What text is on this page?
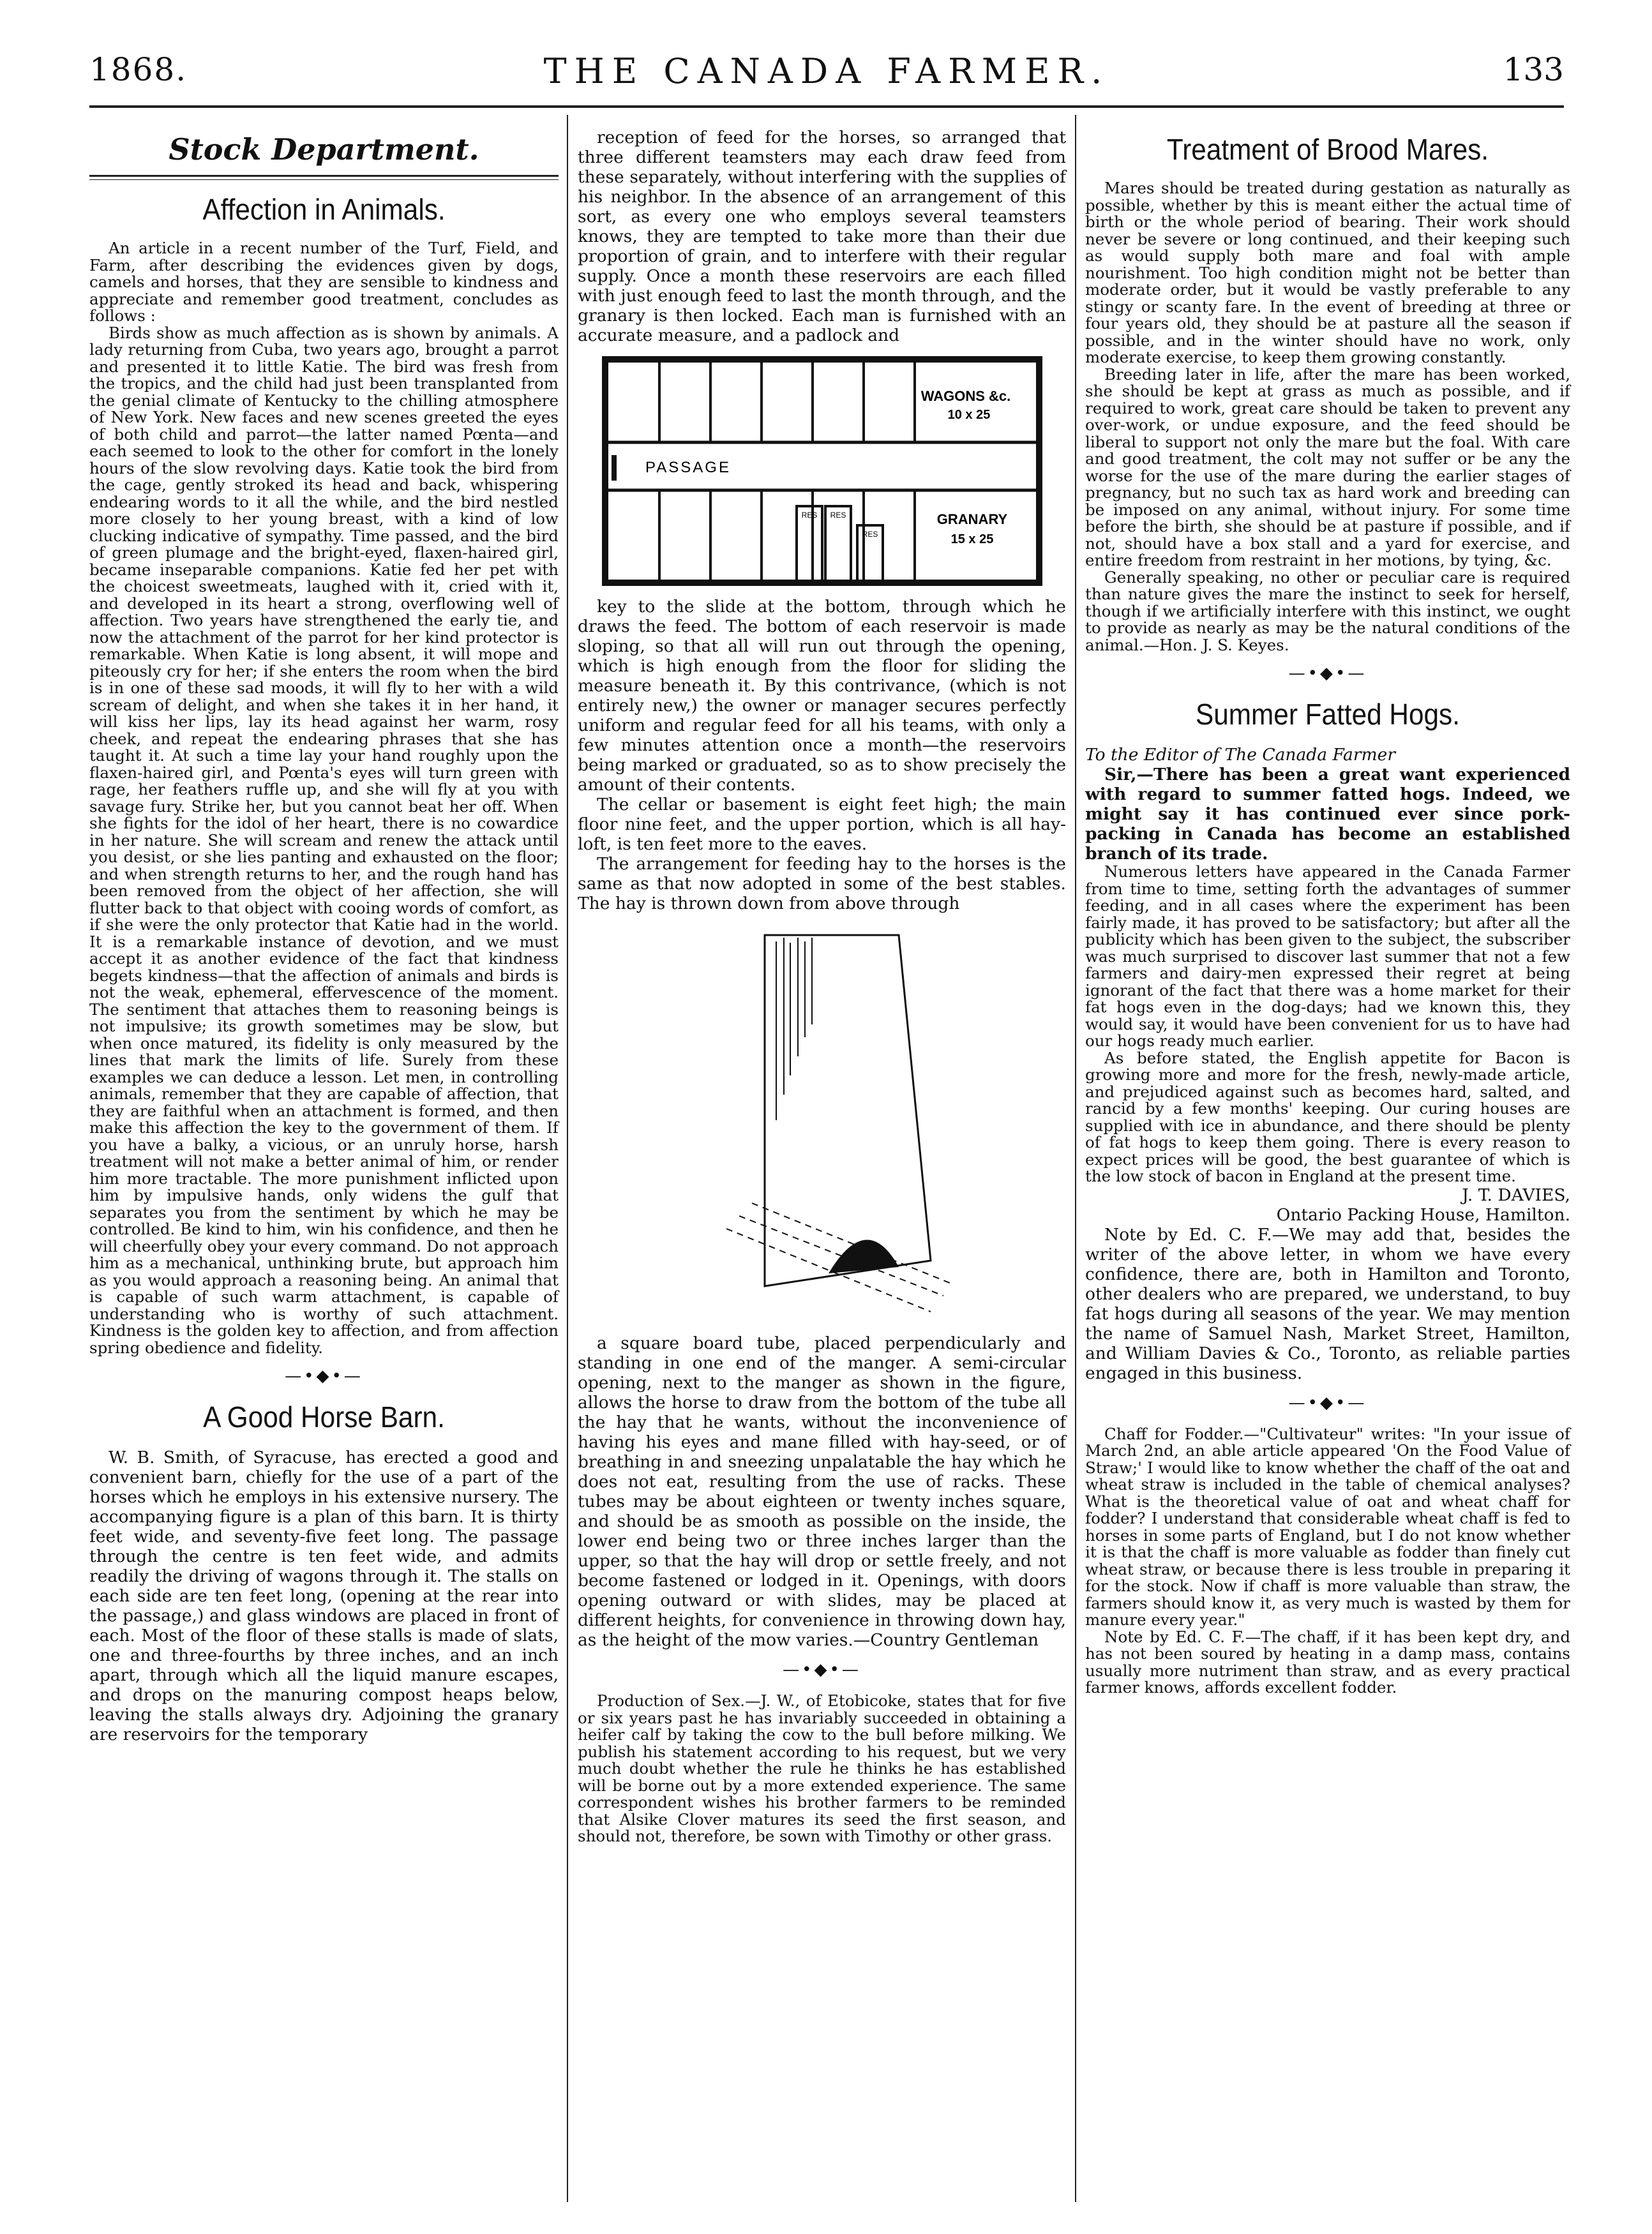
1868.	THE CANADA FARMER.	133
Stock Department.
Affection in Animals.

An article in a recent number of the Turf, Field, and Farm, after describing the evidences given by dogs, camels and horses, that they are sensible to kindness and appreciate and remember good treatment, concludes as follows :

Birds show as much affection as is shown by animals. A lady returning from Cuba, two years ago, brought a parrot and presented it to little Katie. The bird was fresh from the tropics, and the child had just been transplanted from the genial climate of Kentucky to the chilling atmosphere of New York. New faces and new scenes greeted the eyes of both child and parrot—the latter named Pœnta—and each seemed to look to the other for comfort in the lonely hours of the slow revolving days. Katie took the bird from the cage, gently stroked its head and back, whispering endearing words to it all the while, and the bird nestled more closely to her young breast, with a kind of low clucking indicative of sympathy. Time passed, and the bird of green plumage and the bright-eyed, flaxen-haired girl, became inseparable companions. Katie fed her pet with the choicest sweetmeats, laughed with it, cried with it, and developed in its heart a strong, overflowing well of affection. Two years have strengthened the early tie, and now the attachment of the parrot for her kind protector is remarkable. When Katie is long absent, it will mope and piteously cry for her; if she enters the room when the bird is in one of these sad moods, it will fly to her with a wild scream of delight, and when she takes it in her hand, it will kiss her lips, lay its head against her warm, rosy cheek, and repeat the endearing phrases that she has taught it. At such a time lay your hand roughly upon the flaxen-haired girl, and Pœnta's eyes will turn green with rage, her feathers ruffle up, and she will fly at you with savage fury. Strike her, but you cannot beat her off. When she fights for the idol of her heart, there is no cowardice in her nature. She will scream and renew the attack until you desist, or she lies panting and exhausted on the floor; and when strength returns to her, and the rough hand has been removed from the object of her affection, she will flutter back to that object with cooing words of comfort, as if she were the only protector that Katie had in the world. It is a remarkable instance of devotion, and we must accept it as another evidence of the fact that kindness begets kindness—that the affection of animals and birds is not the weak, ephemeral, effervescence of the moment. The sentiment that attaches them to reasoning beings is not impulsive; its growth sometimes may be slow, but when once matured, its fidelity is only measured by the lines that mark the limits of life. Surely from these examples we can deduce a lesson. Let men, in controlling animals, remember that they are capable of affection, that they are faithful when an attachment is formed, and then make this affection the key to the government of them. If you have a balky, a vicious, or an unruly horse, harsh treatment will not make a better animal of him, or render him more tractable. The more punishment inflicted upon him by impulsive hands, only widens the gulf that separates you from the sentiment by which he may be controlled. Be kind to him, win his confidence, and then he will cheerfully obey your every command. Do not approach him as a mechanical, unthinking brute, but approach him as you would approach a reasoning being. An animal that is capable of such warm attachment, is capable of understanding who is worthy of such attachment. Kindness is the golden key to affection, and from affection spring obedience and fidelity.

—•◆•—
A Good Horse Barn.

W. B. Smith, of Syracuse, has erected a good and convenient barn, chiefly for the use of a part of the horses which he employs in his extensive nursery. The accompanying figure is a plan of this barn. It is thirty feet wide, and seventy-five feet long. The passage through the centre is ten feet wide, and admits readily the driving of wagons through it. The stalls on each side are ten feet long, (opening at the rear into the passage,) and glass windows are placed in front of each. Most of the floor of these stalls is made of slats, one and three-fourths by three inches, and an inch apart, through which all the liquid manure escapes, and drops on the manuring compost heaps below, leaving the stalls always dry. Adjoining the granary are reservoirs for the temporary

reception of feed for the horses, so arranged that three different teamsters may each draw feed from these separately, without interfering with the supplies of his neighbor. In the absence of an arrangement of this sort, as every one who employs several teamsters knows, they are tempted to take more than their due proportion of grain, and to interfere with their regular supply. Once a month these reservoirs are each filled with just enough feed to last the month through, and the granary is then locked. Each man is furnished with an accurate measure, and a padlock and

WAGONS &c.
10 x 25
PASSAGE
GRANARY
15 x 25
RES RES
RES

key to the slide at the bottom, through which he draws the feed. The bottom of each reservoir is made sloping, so that all will run out through the opening, which is high enough from the floor for sliding the measure beneath it. By this contrivance, (which is not entirely new,) the owner or manager secures perfectly uniform and regular feed for all his teams, with only a few minutes attention once a month—the reservoirs being marked or graduated, so as to show precisely the amount of their contents.

The cellar or basement is eight feet high; the main floor nine feet, and the upper portion, which is all hay-loft, is ten feet more to the eaves.

The arrangement for feeding hay to the horses is the same as that now adopted in some of the best stables. The hay is thrown down from above through

a square board tube, placed perpendicularly and standing in one end of the manger. A semi-circular opening, next to the manger as shown in the figure, allows the horse to draw from the bottom of the tube all the hay that he wants, without the inconvenience of having his eyes and mane filled with hay-seed, or of breathing in and sneezing unpalatable the hay which he does not eat, resulting from the use of racks. These tubes may be about eighteen or twenty inches square, and should be as smooth as possible on the inside, the lower end being two or three inches larger than the upper, so that the hay will drop or settle freely, and not become fastened or lodged in it. Openings, with doors opening outward or with slides, may be placed at different heights, for convenience in throwing down hay, as the height of the mow varies.—Country Gentleman

—•◆•—

Production of Sex.—J. W., of Etobicoke, states that for five or six years past he has invariably succeeded in obtaining a heifer calf by taking the cow to the bull before milking. We publish his statement according to his request, but we very much doubt whether the rule he thinks he has established will be borne out by a more extended experience. The same correspondent wishes his brother farmers to be reminded that Alsike Clover matures its seed the first season, and should not, therefore, be sown with Timothy or other grass.

Treatment of Brood Mares.

Mares should be treated during gestation as naturally as possible, whether by this is meant either the actual time of birth or the whole period of bearing. Their work should never be severe or long continued, and their keeping such as would supply both mare and foal with ample nourishment. Too high condition might not be better than moderate order, but it would be vastly preferable to any stingy or scanty fare. In the event of breeding at three or four years old, they should be at pasture all the season if possible, and in the winter should have no work, only moderate exercise, to keep them growing constantly.

Breeding later in life, after the mare has been worked, she should be kept at grass as much as possible, and if required to work, great care should be taken to prevent any over-work, or undue exposure, and the feed should be liberal to support not only the mare but the foal. With care and good treatment, the colt may not suffer or be any the worse for the use of the mare during the earlier stages of pregnancy, but no such tax as hard work and breeding can be imposed on any animal, without injury. For some time before the birth, she should be at pasture if possible, and if not, should have a box stall and a yard for exercise, and entire freedom from restraint in her motions, by tying, &c.

Generally speaking, no other or peculiar care is required than nature gives the mare the instinct to seek for herself, though if we artificially interfere with this instinct, we ought to provide as nearly as may be the natural conditions of the animal.—Hon. J. S. Keyes.

—•◆•—
Summer Fatted Hogs.

To the Editor of The Canada Farmer

Sir,—There has been a great want experienced with regard to summer fatted hogs. Indeed, we might say it has continued ever since pork-packing in Canada has become an established branch of its trade.

Numerous letters have appeared in the Canada Farmer from time to time, setting forth the advantages of summer feeding, and in all cases where the experiment has been fairly made, it has proved to be satisfactory; but after all the publicity which has been given to the subject, the subscriber was much surprised to discover last summer that not a few farmers and dairy-men expressed their regret at being ignorant of the fact that there was a home market for their fat hogs even in the dog-days; had we known this, they would say, it would have been convenient for us to have had our hogs ready much earlier.

As before stated, the English appetite for Bacon is growing more and more for the fresh, newly-made article, and prejudiced against such as becomes hard, salted, and rancid by a few months' keeping. Our curing houses are supplied with ice in abundance, and there should be plenty of fat hogs to keep them going. There is every reason to expect prices will be good, the best guarantee of which is the low stock of bacon in England at the present time.

J. T. DAVIES,

Ontario Packing House, Hamilton.

Note by Ed. C. F.—We may add that, besides the writer of the above letter, in whom we have every confidence, there are, both in Hamilton and Toronto, other dealers who are prepared, we understand, to buy fat hogs during all seasons of the year. We may mention the name of Samuel Nash, Market Street, Hamilton, and William Davies & Co., Toronto, as reliable parties engaged in this business.

—•◆•—

Chaff for Fodder.—"Cultivateur" writes: "In your issue of March 2nd, an able article appeared 'On the Food Value of Straw;' I would like to know whether the chaff of the oat and wheat straw is included in the table of chemical analyses? What is the theoretical value of oat and wheat chaff for fodder? I understand that considerable wheat chaff is fed to horses in some parts of England, but I do not know whether it is that the chaff is more valuable as fodder than finely cut wheat straw, or because there is less trouble in preparing it for the stock. Now if chaff is more valuable than straw, the farmers should know it, as very much is wasted by them for manure every year."

Note by Ed. C. F.—The chaff, if it has been kept dry, and has not been soured by heating in a damp mass, contains usually more nutriment than straw, and as every practical farmer knows, affords excellent fodder.
